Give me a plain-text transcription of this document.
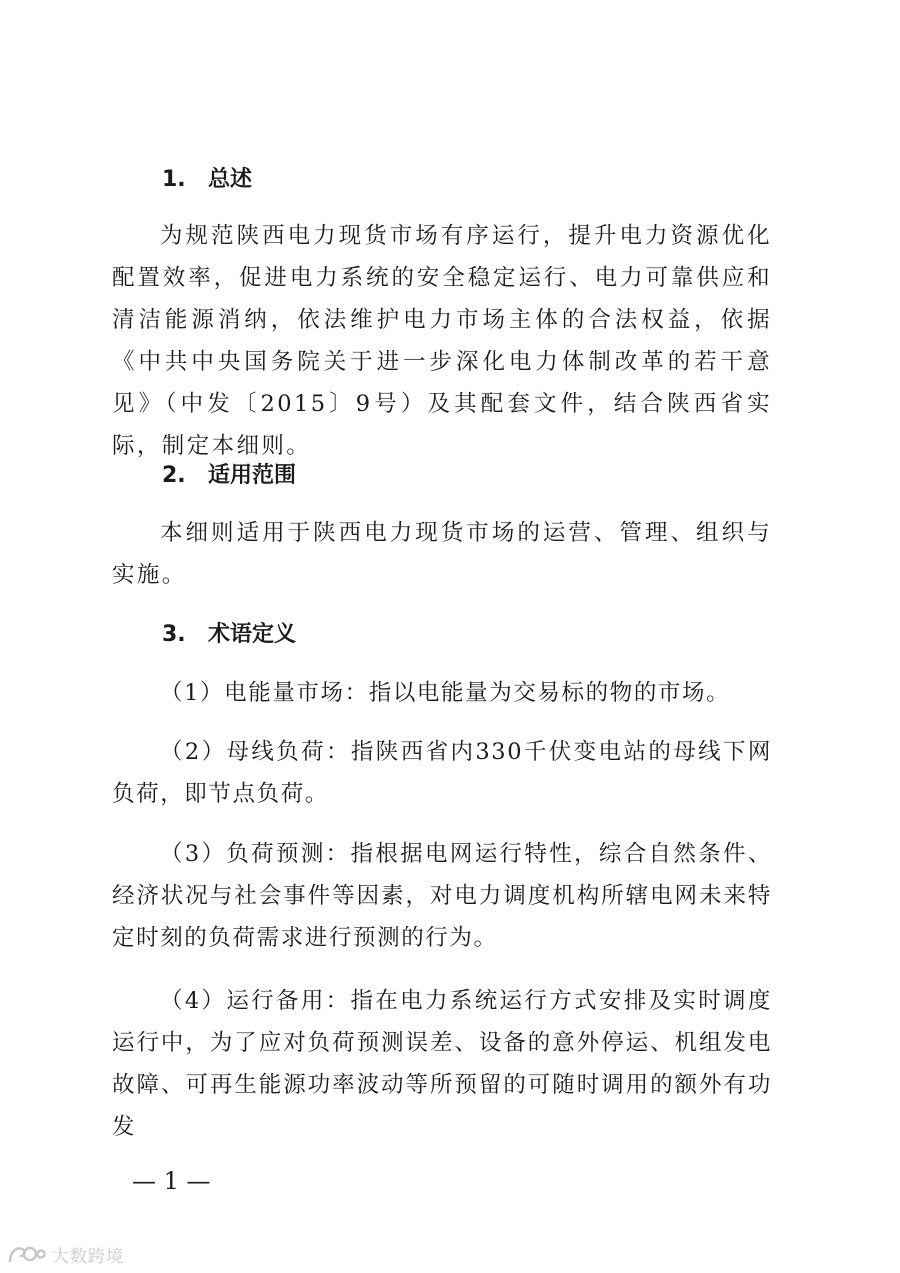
1. 总述

为规范陕西电力现货市场有序运行，提升电力资源优化配置效率，促进电力系统的安全稳定运行、电力可靠供应和清洁能源消纳，依法维护电力市场主体的合法权益，依据《中共中央国务院关于进一步深化电力体制改革的若干意见》（中发〔2015〕9号）及其配套文件，结合陕西省实际，制定本细则。

2. 适用范围

本细则适用于陕西电力现货市场的运营、管理、组织与实施。

3. 术语定义

（1）电能量市场：指以电能量为交易标的物的市场。

（2）母线负荷：指陕西省内330千伏变电站的母线下网负荷，即节点负荷。

（3）负荷预测：指根据电网运行特性，综合自然条件、经济状况与社会事件等因素，对电力调度机构所辖电网未来特定时刻的负荷需求进行预测的行为。

（4）运行备用：指在电力系统运行方式安排及实时调度运行中，为了应对负荷预测误差、设备的意外停运、机组发电故障、可再生能源功率波动等所预留的可随时调用的额外有功发

— 1 —
大数跨境
